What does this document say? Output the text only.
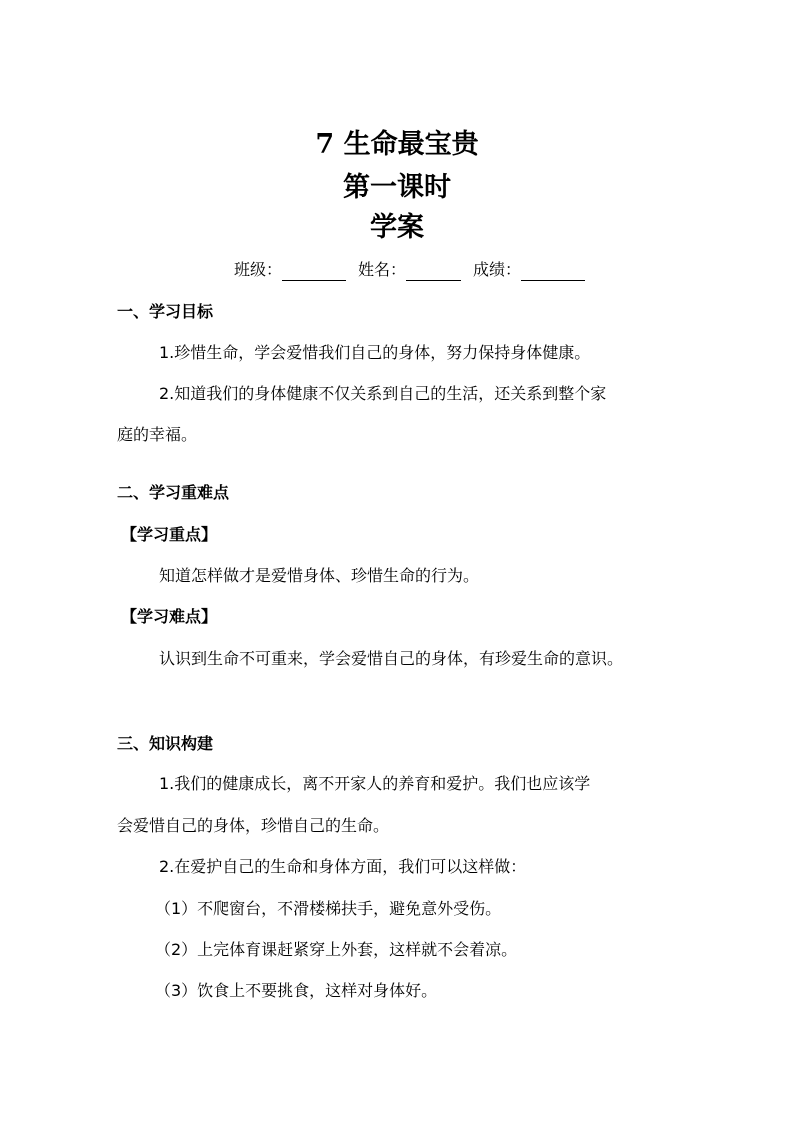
7 生命最宝贵
第一课时
学案
班级：	姓名：	成绩：
一、学习目标
1.珍惜生命，学会爱惜我们自己的身体，努力保持身体健康。
2.知道我们的身体健康不仅关系到自己的生活，还关系到整个家
庭的幸福。
二、学习重难点
【学习重点】
知道怎样做才是爱惜身体、珍惜生命的行为。
【学习难点】
认识到生命不可重来，学会爱惜自己的身体，有珍爱生命的意识。
三、知识构建
1.我们的健康成长，离不开家人的养育和爱护。我们也应该学
会爱惜自己的身体，珍惜自己的生命。
2.在爱护自己的生命和身体方面，我们可以这样做：
（1）不爬窗台，不滑楼梯扶手，避免意外受伤。
（2）上完体育课赶紧穿上外套，这样就不会着凉。
（3）饮食上不要挑食，这样对身体好。
